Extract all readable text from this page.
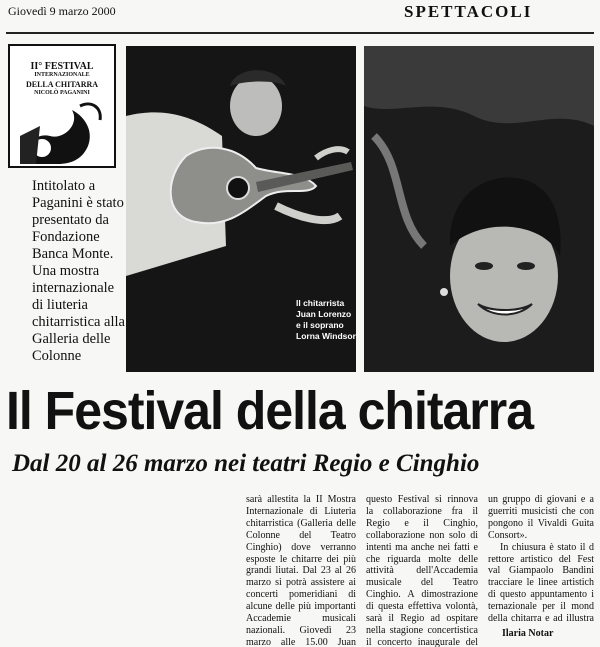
Giovedì 9 marzo 2000	SPETTACOLI
II° FESTIVAL
INTERNAZIONALE
DELLA CHITARRA
NICOLÒ PAGANINI
Intitolato a Paganini è stato presentato da Fondazione Banca Monte. Una mostra internazionale di liuteria chitarristica alla Galleria delle Colonne
Il chitarrista Juan Lorenzo e il soprano Lorna Windsor
Il Festival della chitarra
Dal 20 al 26 marzo nei teatri Regio e Cinghio

sarà allestita la II Mostra Internazionale di Liuteria chitarristica (Galleria delle Colonne del Teatro Cinghio) dove verranno esposte le chitarre dei più grandi liutai. Dal 23 al 26 marzo si potrà assistere ai concerti pomeridiani di alcune delle più importanti Accademie musicali nazionali. Giovedì 23 marzo alle 15.00 Juan

questo Festival si rinnova la collaborazione fra il Regio e il Cinghio, collaborazione non solo di intenti ma anche nei fatti e che riguarda molte delle attività dell'Accademia musicale del Teatro Cinghio. A dimostrazione di questa effettiva volontà, sarà il Regio ad ospitare nella stagione concertistica il concerto inaugurale del

un gruppo di giovani e a guerriti musicisti che con pongono il Vivaldi Guita Consort».

In chiusura è stato il d rettore artistico del Fest val Giampaolo Bandini tracciare le linee artistich di questo appuntamento i ternazionale per il mond della chitarra e ad illustra

Ilaria Notar
